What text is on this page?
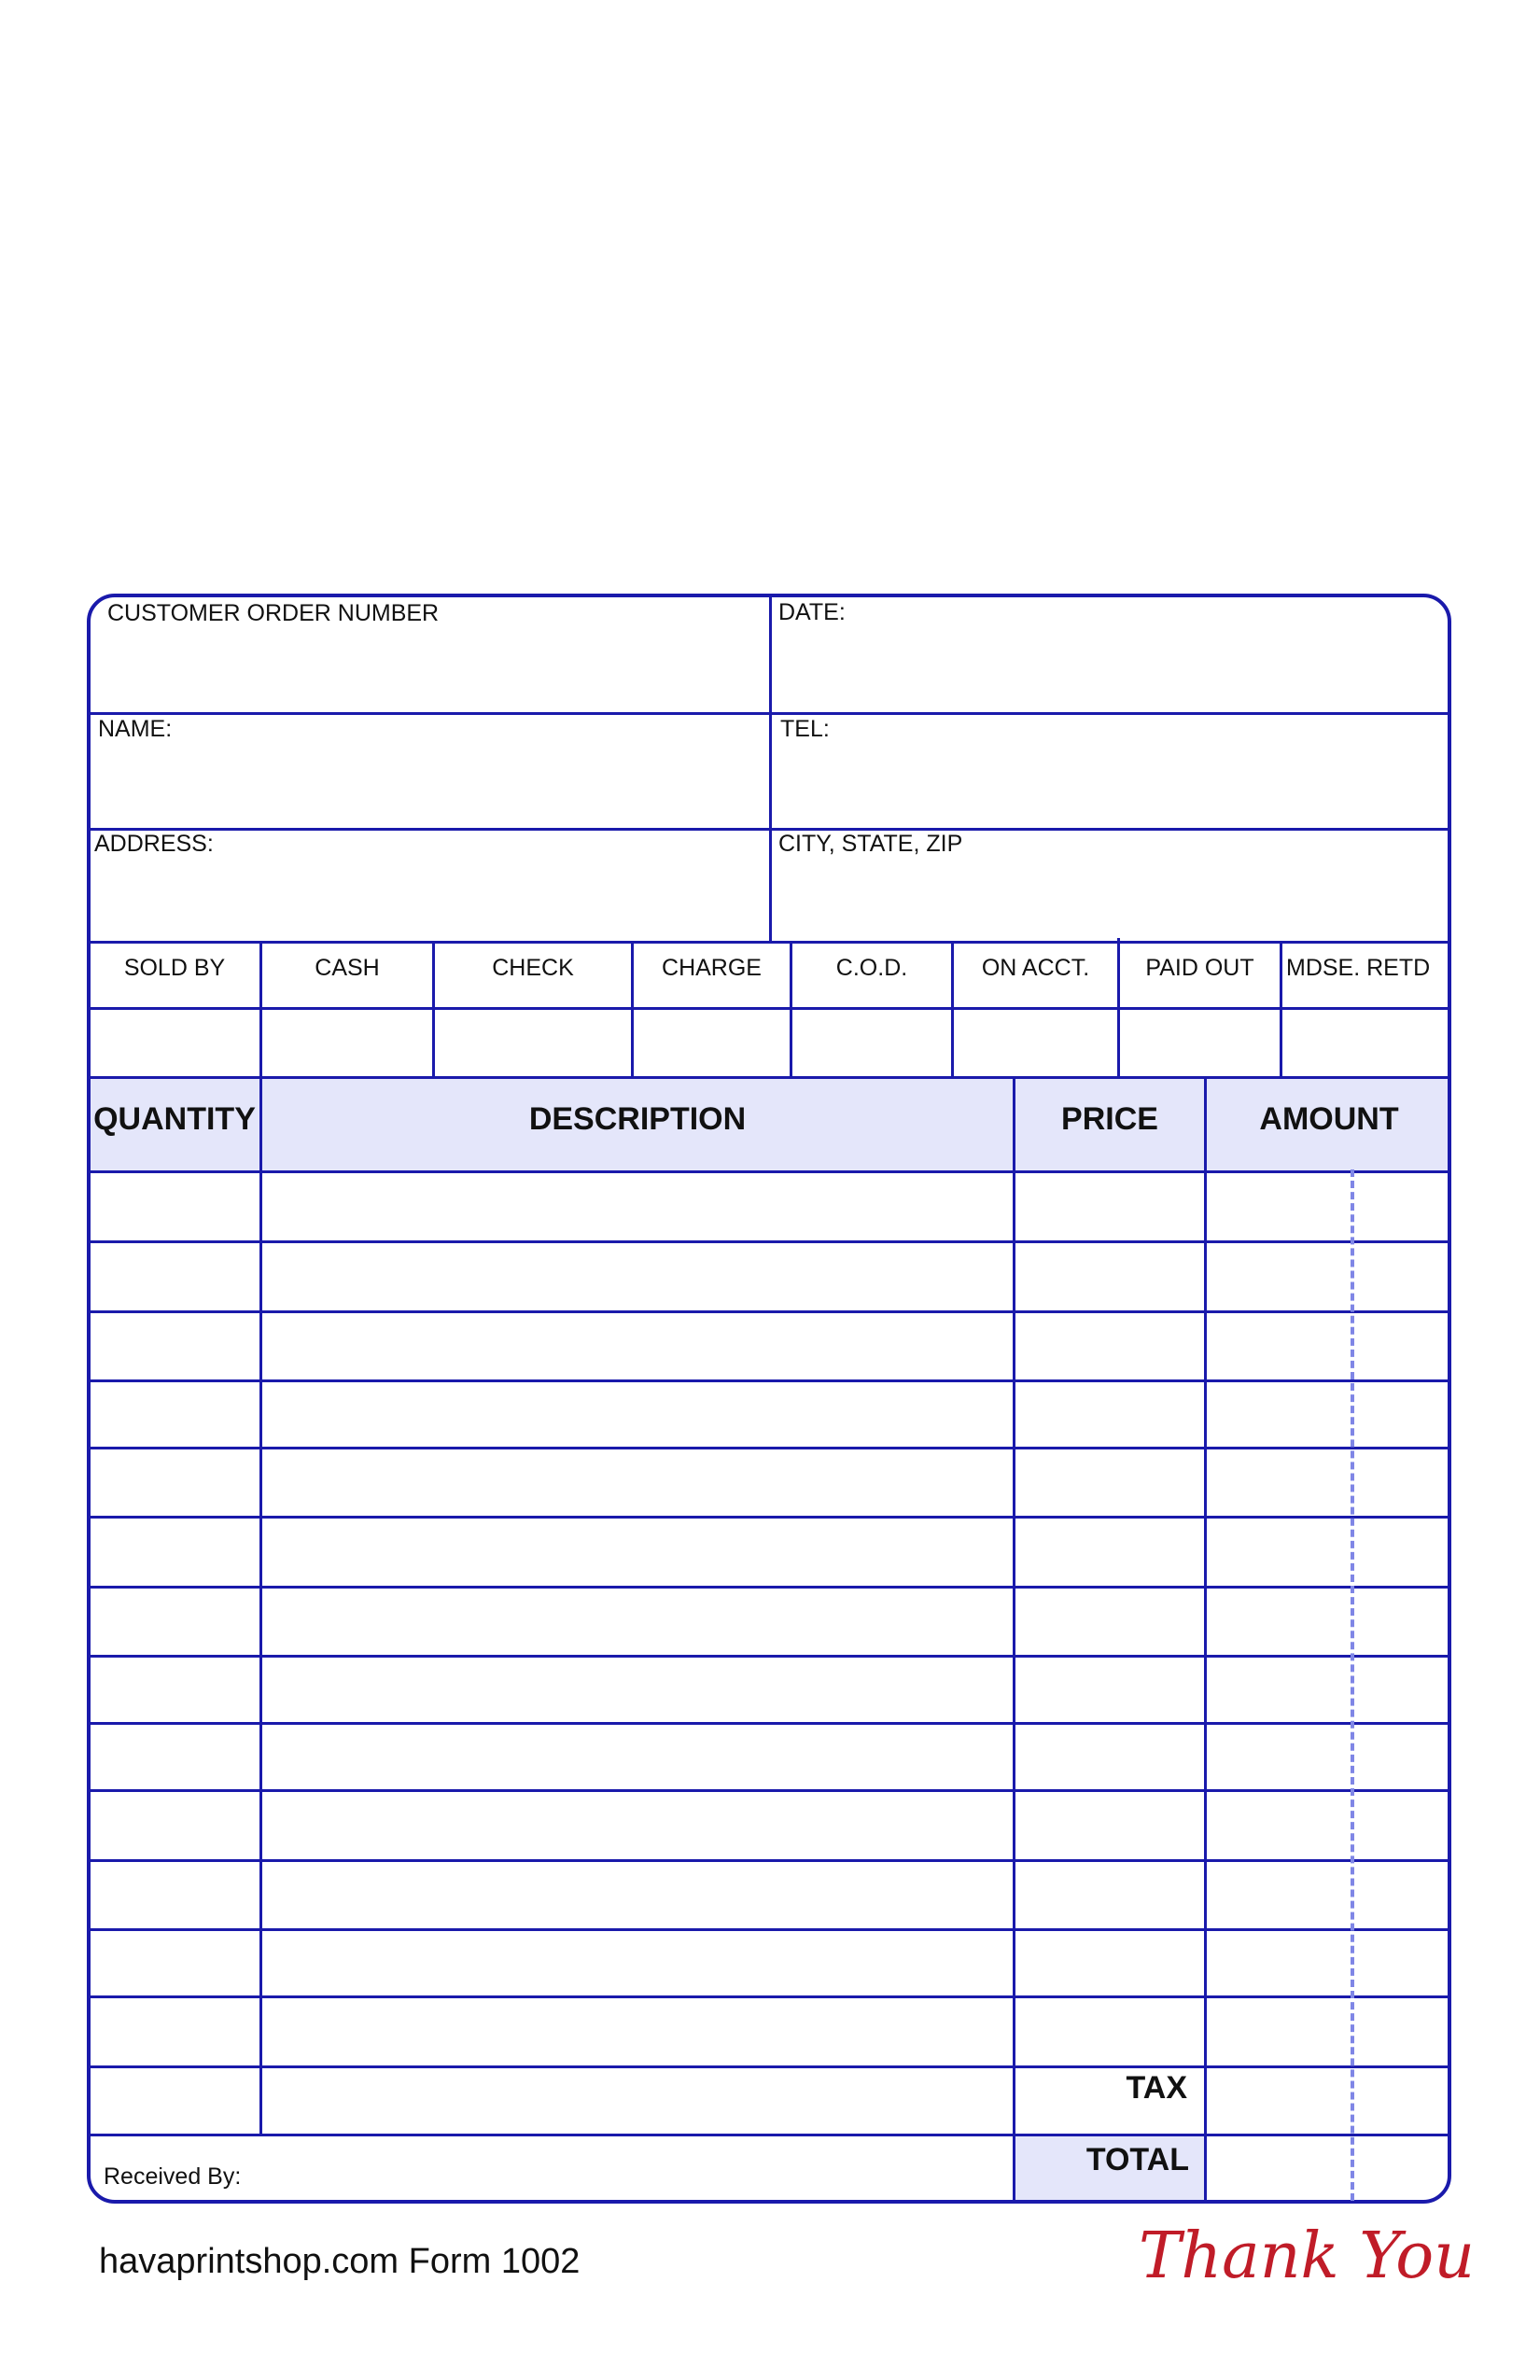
CUSTOMER ORDER NUMBER	DATE:
NAME:	TEL:
ADDRESS:	CITY, STATE, ZIP
SOLD BY	CASH	CHECK	CHARGE	C.O.D.	ON ACCT.	PAID OUT	MDSE. RETD
QUANTITY	DESCRIPTION	PRICE	AMOUNT
TAX
TOTAL
Received By:
havaprintshop.com Form 1002	Thank You
